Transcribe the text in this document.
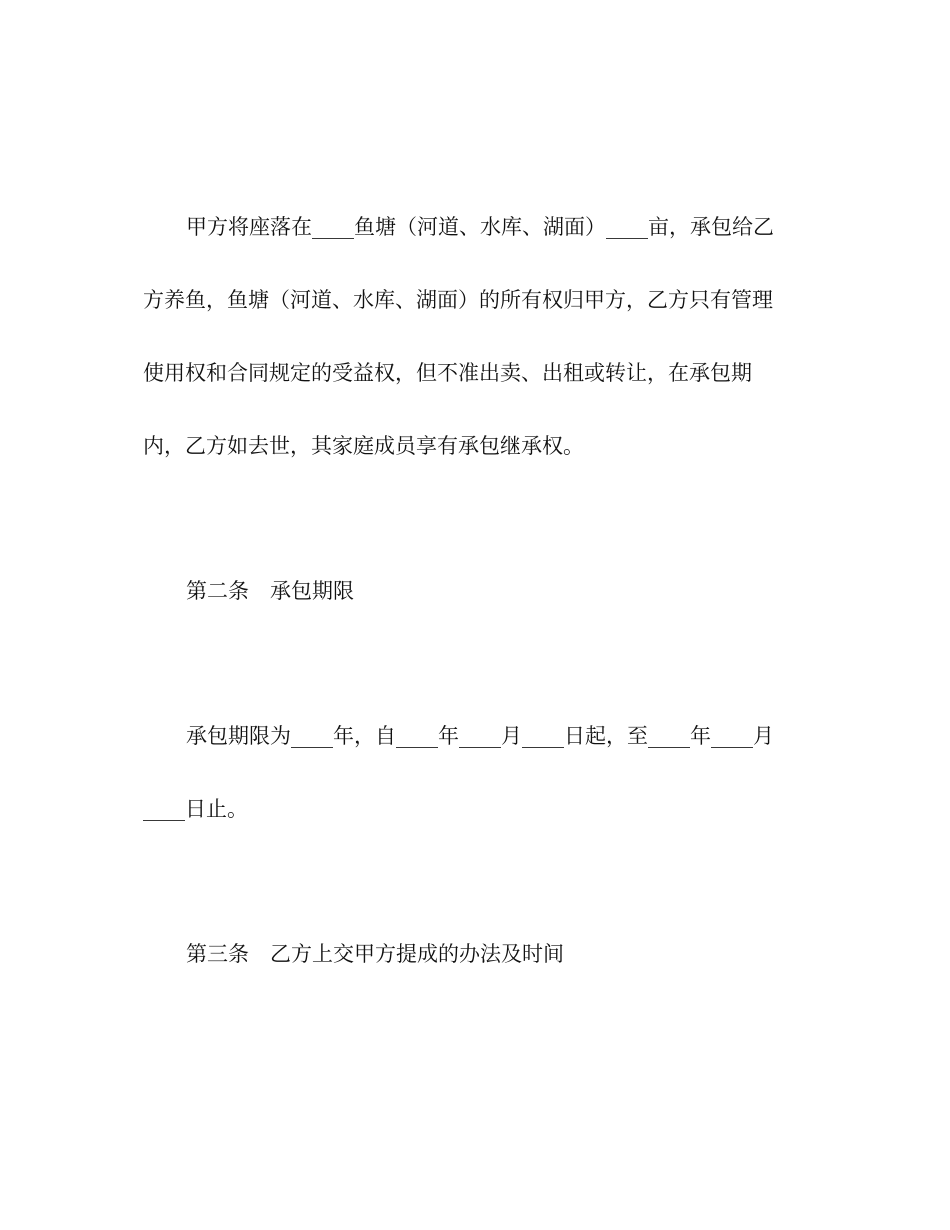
甲方将座落在____鱼塘（河道、水库、湖面）____亩，承包给乙
方养鱼，鱼塘（河道、水库、湖面）的所有权归甲方，乙方只有管理
使用权和合同规定的受益权，但不准出卖、出租或转让，在承包期
内，乙方如去世，其家庭成员享有承包继承权。
第二条　承包期限
承包期限为____年，自____年____月____日起，至____年____月
____日止。
第三条　乙方上交甲方提成的办法及时间
